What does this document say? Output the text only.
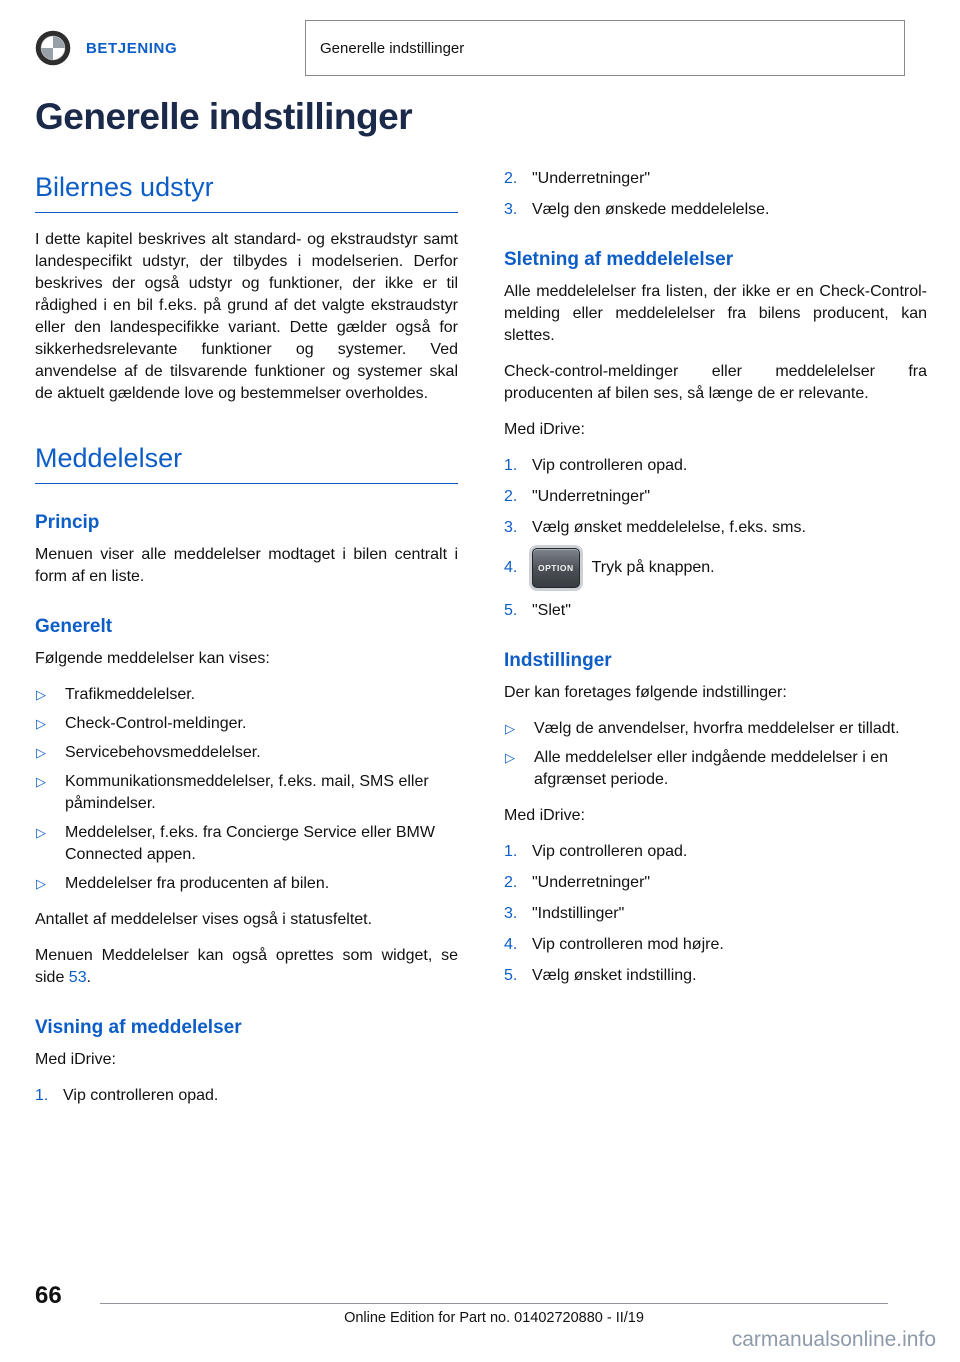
BETJENING	Generelle indstillinger
Generelle indstillinger
Bilernes udstyr

I dette kapitel beskrives alt standard- og ekstraudstyr samt landespecifikt udstyr, der tilbydes i modelserien. Derfor beskrives der også udstyr og funktioner, der ikke er til rådighed i en bil f.eks. på grund af det valgte ekstraudstyr eller den landespecifikke variant. Dette gælder også for sikkerhedsrelevante funktioner og systemer. Ved anvendelse af de tilsvarende funktioner og systemer skal de aktuelt gældende love og bestemmelser overholdes.

Meddelelser
Princip

Menuen viser alle meddelelser modtaget i bilen centralt i form af en liste.

Generelt

Følgende meddelelser kan vises:

▷ Trafikmeddelelser.
▷ Check-Control-meldinger.
▷ Servicebehovsmeddelelser.
▷ Kommunikationsmeddelelser, f.eks. mail, SMS eller påmindelser.
▷ Meddelelser, f.eks. fra Concierge Service eller BMW Connected appen.
▷ Meddelelser fra producenten af bilen.

Antallet af meddelelser vises også i statusfeltet.

Menuen Meddelelser kan også oprettes som widget, se side 53.

Visning af meddelelser

Med iDrive:

1. Vip controlleren opad.
2. "Underretninger"
3. Vælg den ønskede meddelelelse.
Sletning af meddelelelser

Alle meddelelelser fra listen, der ikke er en Check-Control-melding eller meddelelelser fra bilens producent, kan slettes.

Check-control-meldinger eller meddelelelser fra producenten af bilen ses, så længe de er relevante.

Med iDrive:

1. Vip controlleren opad.
2. "Underretninger"
3. Vælg ønsket meddelelelse, f.eks. sms.
4.	OPTION Tryk på knappen.
5. "Slet"
Indstillinger

Der kan foretages følgende indstillinger:

▷ Vælg de anvendelser, hvorfra meddelelser er tilladt.
▷ Alle meddelelser eller indgående meddelelser i en afgrænset periode.

Med iDrive:

1. Vip controlleren opad.
2. "Underretninger"
3. "Indstillinger"
4. Vip controlleren mod højre.
5. Vælg ønsket indstilling.
66
Online Edition for Part no. 01402720880 - II/19
carmanualsonline.info
